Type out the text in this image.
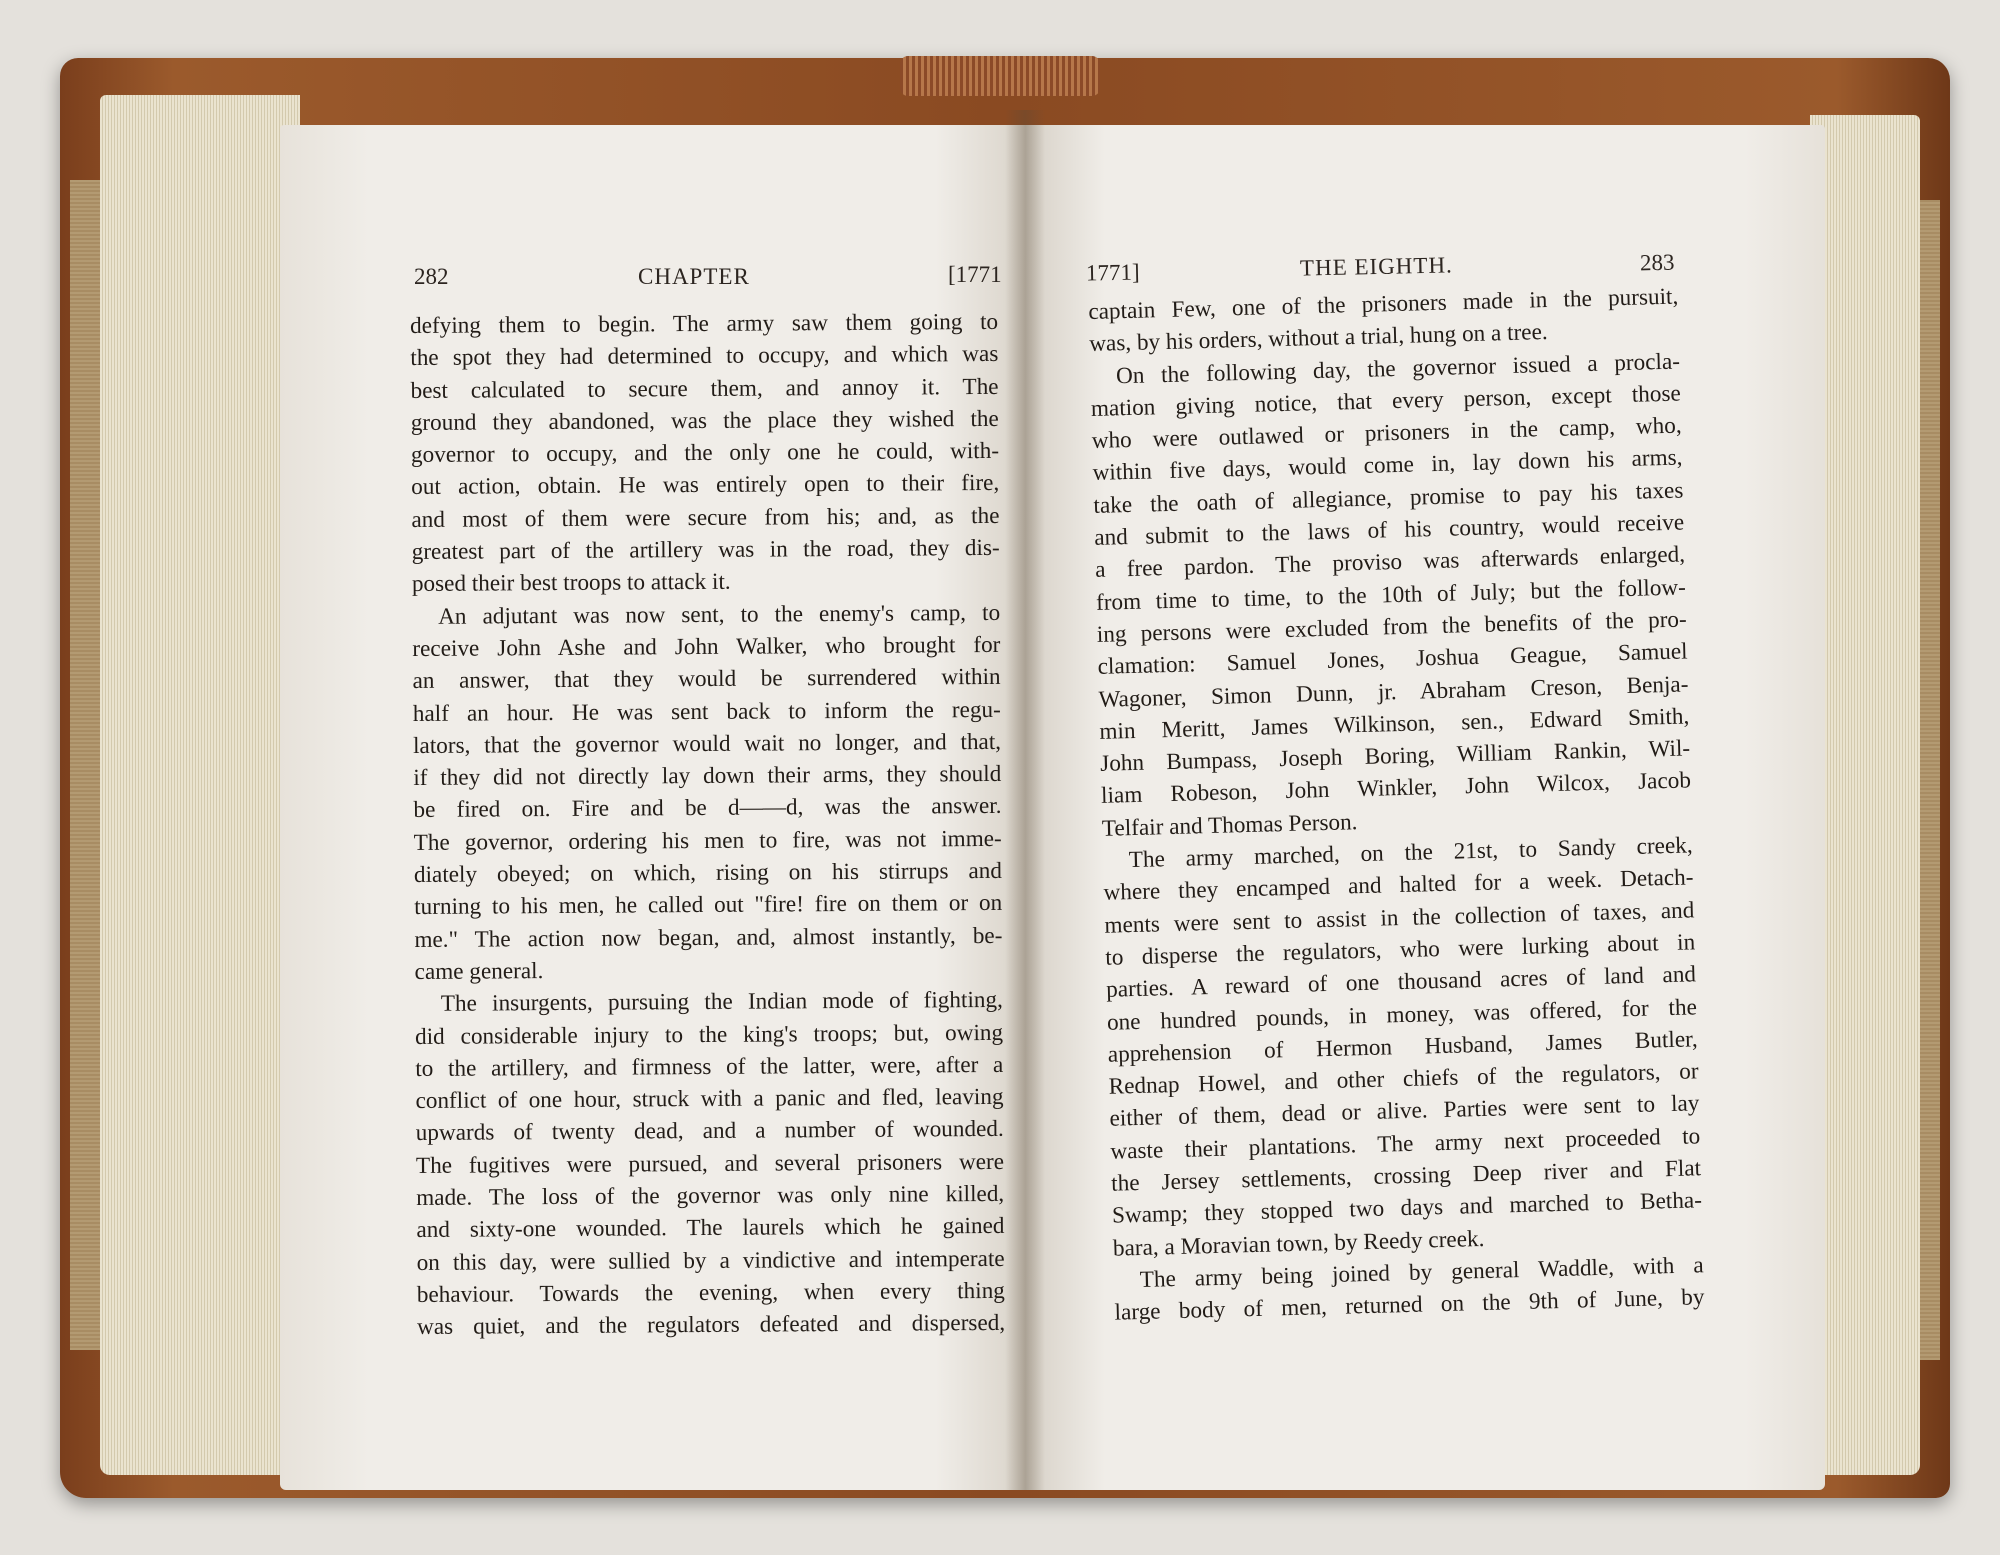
282	CHAPTER	[1771	1771]	THE EIGHTH.	283
defying them to begin. The army saw them going to
the spot they had determined to occupy, and which was
best calculated to secure them, and annoy it. The
ground they abandoned, was the place they wished the
governor to occupy, and the only one he could, with-
out action, obtain. He was entirely open to their fire,
and most of them were secure from his; and, as the
greatest part of the artillery was in the road, they dis-
posed their best troops to attack it.
An adjutant was now sent, to the enemy's camp, to
receive John Ashe and John Walker, who brought for
an answer, that they would be surrendered within
half an hour. He was sent back to inform the regu-
lators, that the governor would wait no longer, and that,
if they did not directly lay down their arms, they should
be fired on. Fire and be d——d, was the answer.
The governor, ordering his men to fire, was not imme-
diately obeyed; on which, rising on his stirrups and
turning to his men, he called out "fire! fire on them or on
me." The action now began, and, almost instantly, be-
came general.
The insurgents, pursuing the Indian mode of fighting,
did considerable injury to the king's troops; but, owing
to the artillery, and firmness of the latter, were, after a
conflict of one hour, struck with a panic and fled, leaving
upwards of twenty dead, and a number of wounded.
The fugitives were pursued, and several prisoners were
made. The loss of the governor was only nine killed,
and sixty-one wounded. The laurels which he gained
on this day, were sullied by a vindictive and intemperate
behaviour. Towards the evening, when every thing
was quiet, and the regulators defeated and dispersed,
captain Few, one of the prisoners made in the pursuit,
was, by his orders, without a trial, hung on a tree.
On the following day, the governor issued a procla-
mation giving notice, that every person, except those
who were outlawed or prisoners in the camp, who,
within five days, would come in, lay down his arms,
take the oath of allegiance, promise to pay his taxes
and submit to the laws of his country, would receive
a free pardon. The proviso was afterwards enlarged,
from time to time, to the 10th of July; but the follow-
ing persons were excluded from the benefits of the pro-
clamation: Samuel Jones, Joshua Geague, Samuel
Wagoner, Simon Dunn, jr. Abraham Creson, Benja-
min Meritt, James Wilkinson, sen., Edward Smith,
John Bumpass, Joseph Boring, William Rankin, Wil-
liam Robeson, John Winkler, John Wilcox, Jacob
Telfair and Thomas Person.
The army marched, on the 21st, to Sandy creek,
where they encamped and halted for a week. Detach-
ments were sent to assist in the collection of taxes, and
to disperse the regulators, who were lurking about in
parties. A reward of one thousand acres of land and
one hundred pounds, in money, was offered, for the
apprehension of Hermon Husband, James Butler,
Rednap Howel, and other chiefs of the regulators, or
either of them, dead or alive. Parties were sent to lay
waste their plantations. The army next proceeded to
the Jersey settlements, crossing Deep river and Flat
Swamp; they stopped two days and marched to Betha-
bara, a Moravian town, by Reedy creek.
The army being joined by general Waddle, with a
large body of men, returned on the 9th of June, by
